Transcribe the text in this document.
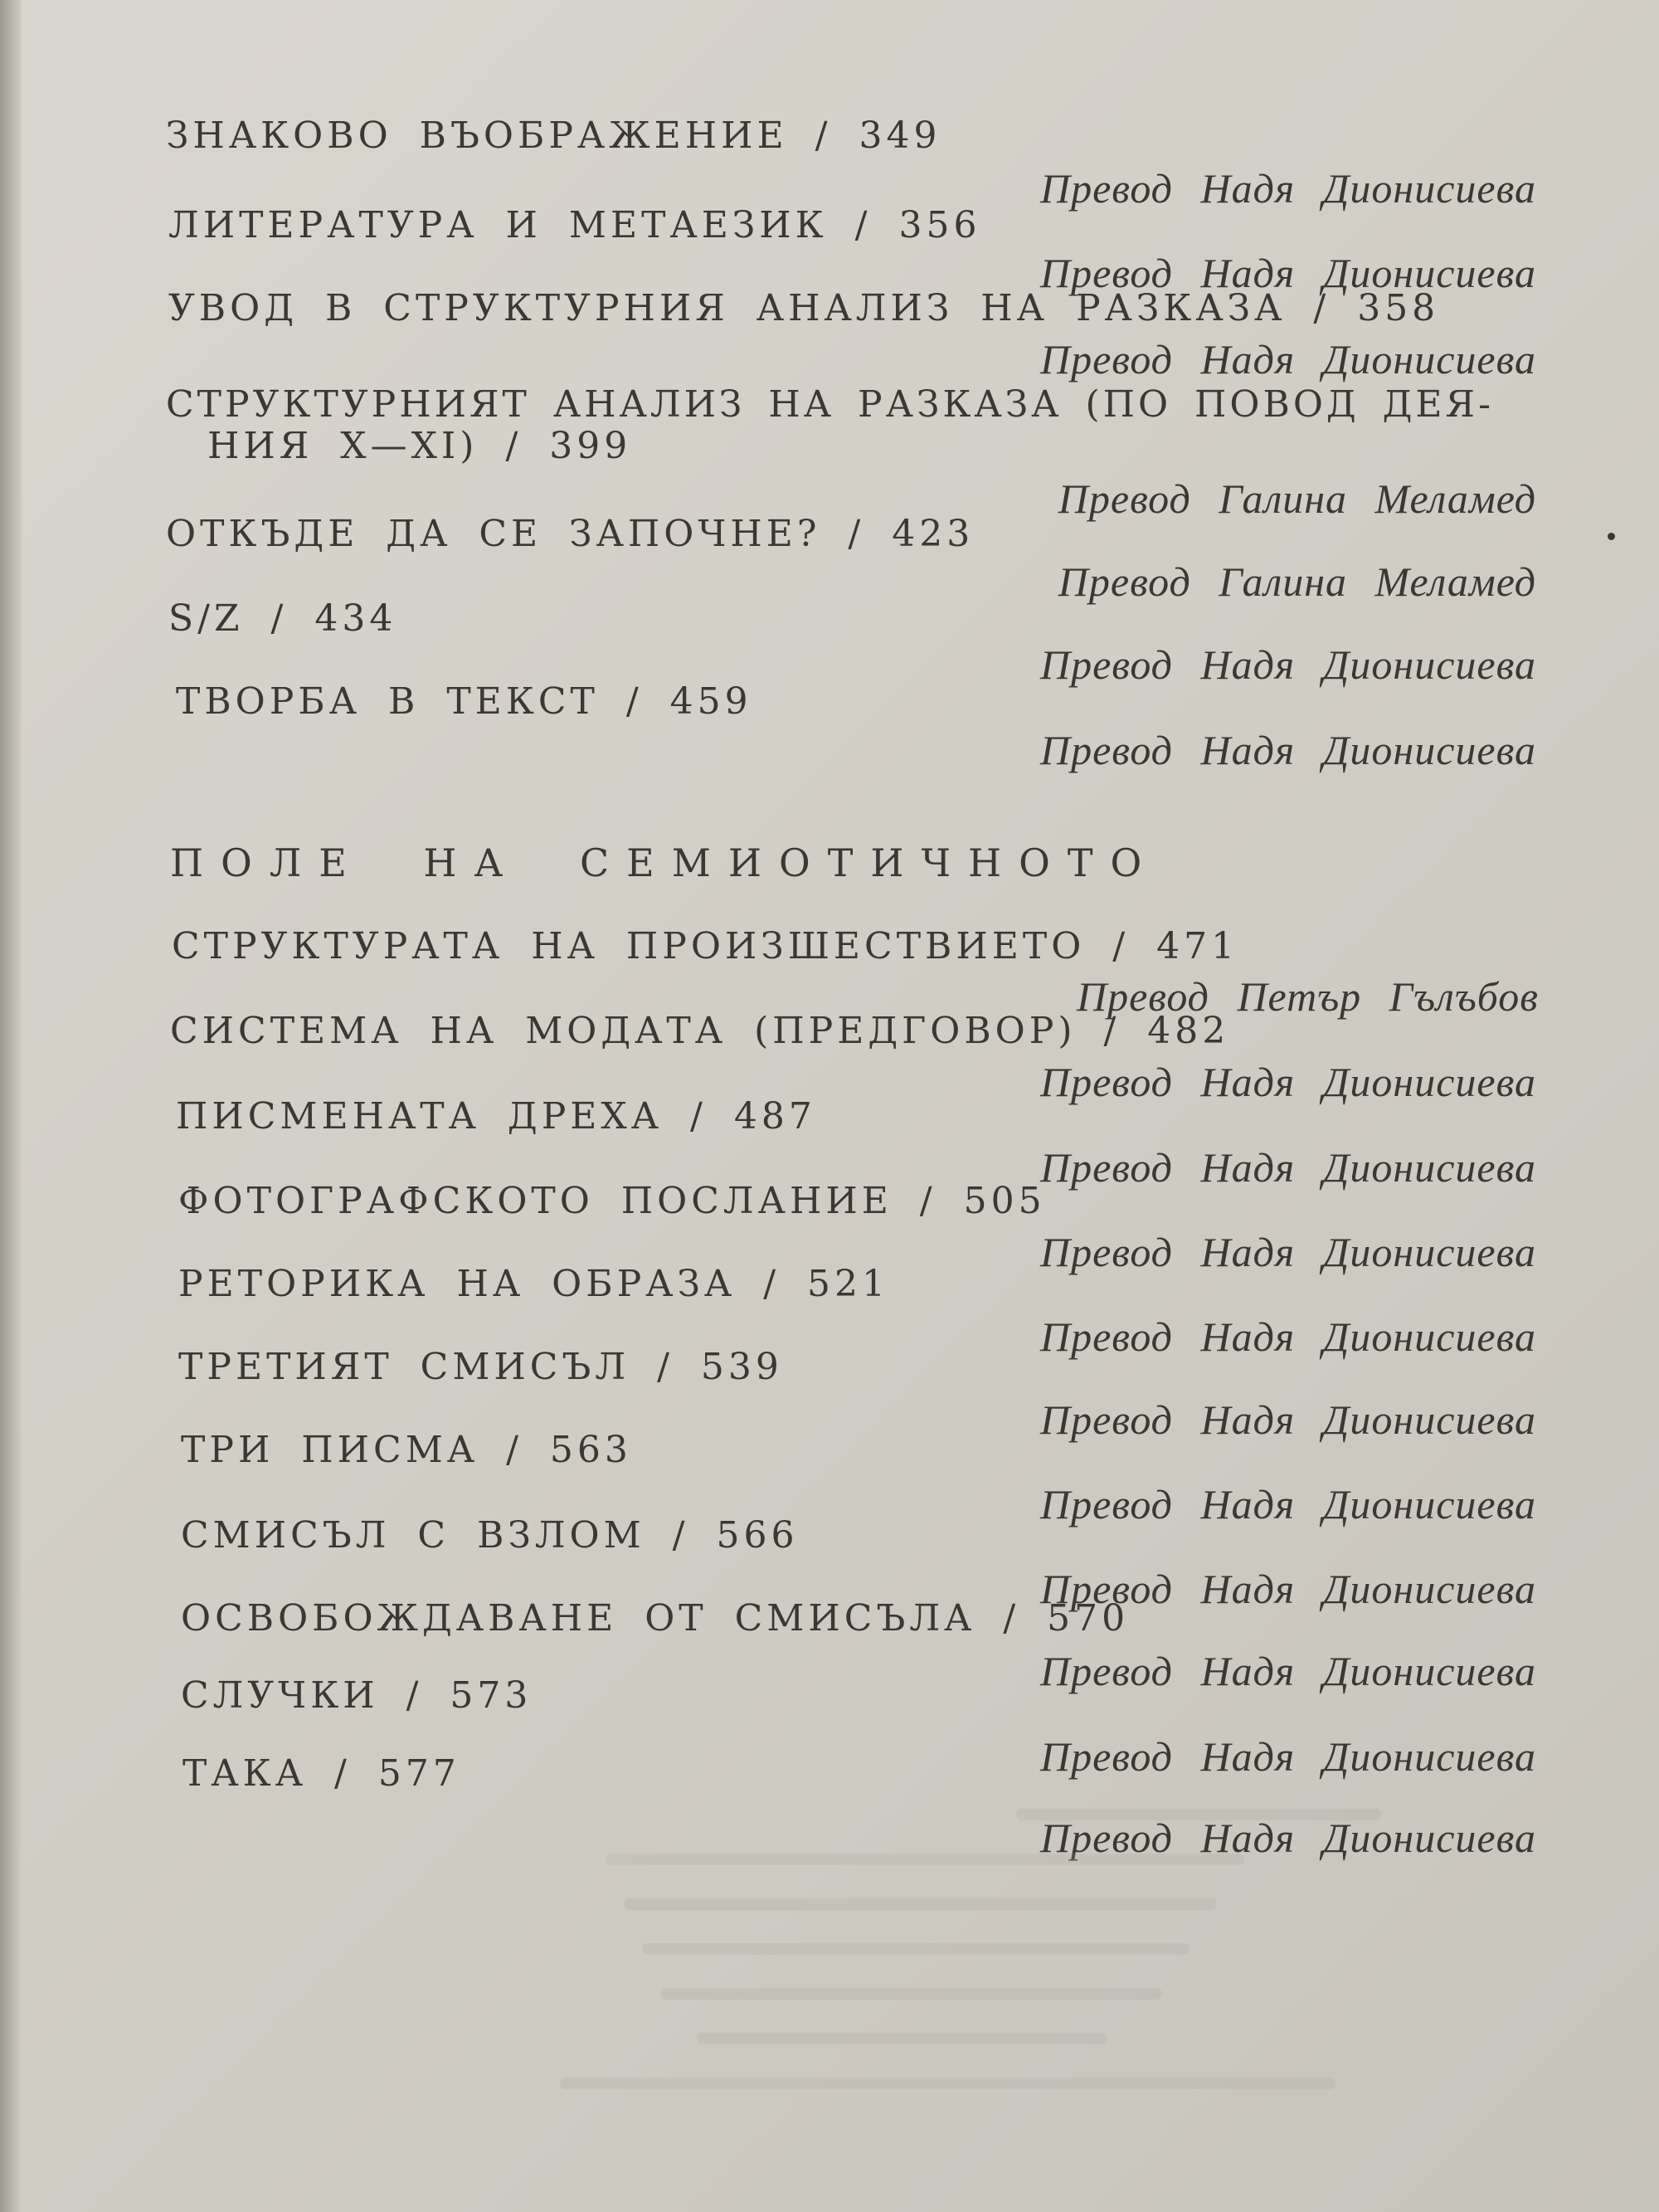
ЗНАКОВО ВЪОБРАЖЕНИЕ / 349
Превод Надя Дионисиева
ЛИТЕРАТУРА И МЕТАЕЗИК / 356
Превод Надя Дионисиева
УВОД В СТРУКТУРНИЯ АНАЛИЗ НА РАЗКАЗА / 358
Превод Надя Дионисиева
СТРУКТУРНИЯТ АНАЛИЗ НА РАЗКАЗА (ПО ПОВОД ДЕЯ-
НИЯ X—XI) / 399
Превод Галина Меламед
ОТКЪДЕ ДА СЕ ЗАПОЧНЕ? / 423
Превод Галина Меламед
S/Z / 434
Превод Надя Дионисиева
ТВОРБА В ТЕКСТ / 459
Превод Надя Дионисиева
ПОЛЕ НА СЕМИОТИЧНОТО
СТРУКТУРАТА НА ПРОИЗШЕСТВИЕТО / 471
Превод Петър Гълъбов
СИСТЕМА НА МОДАТА (ПРЕДГОВОР) / 482
Превод Надя Дионисиева
ПИСМЕНАТА ДРЕХА / 487
Превод Надя Дионисиева
ФОТОГРАФСКОТО ПОСЛАНИЕ / 505
Превод Надя Дионисиева
РЕТОРИКА НА ОБРАЗА / 521
Превод Надя Дионисиева
ТРЕТИЯТ СМИСЪЛ / 539
Превод Надя Дионисиева
ТРИ ПИСМА / 563
Превод Надя Дионисиева
СМИСЪЛ С ВЗЛОМ / 566
Превод Надя Дионисиева
ОСВОБОЖДАВАНЕ ОТ СМИСЪЛА / 570
Превод Надя Дионисиева
СЛУЧКИ / 573
Превод Надя Дионисиева
ТАКА / 577
Превод Надя Дионисиева
